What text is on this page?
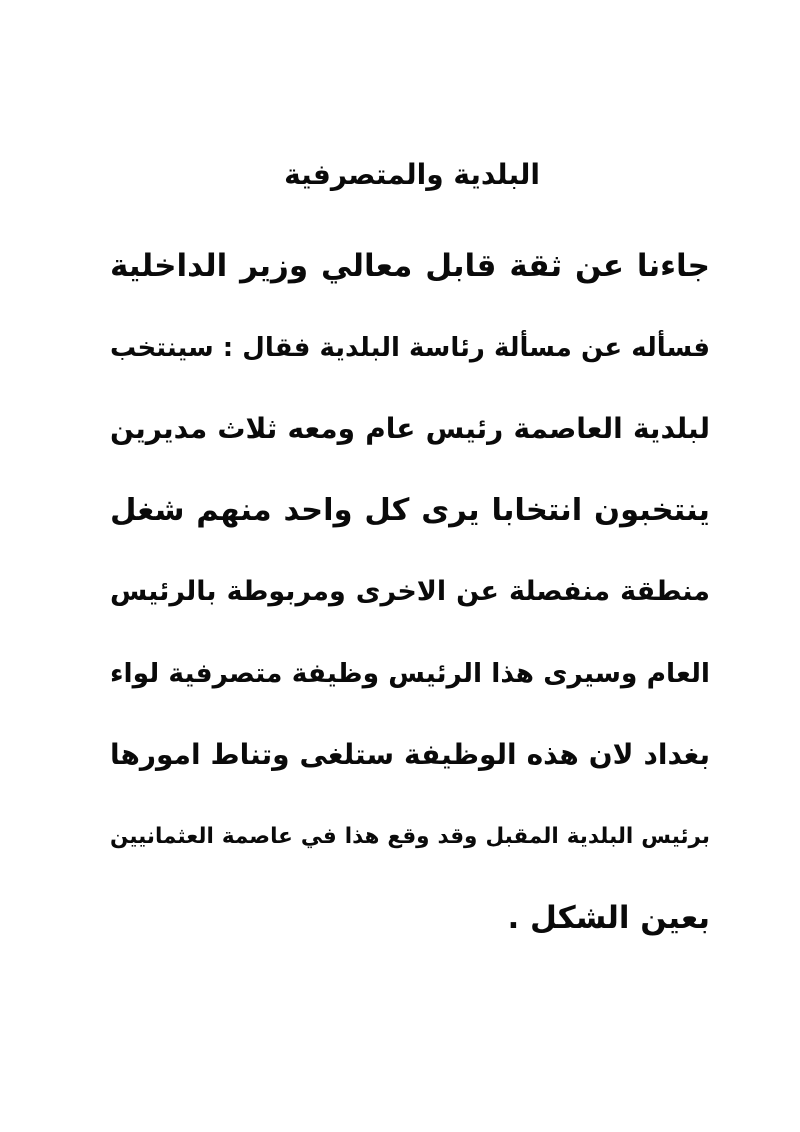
البلدية والمتصرفية
جاءنا عن ثقة قابل معالي وزير الداخلية
فسأله عن مسألة رئاسة البلدية فقال : سينتخب
لبلدية العاصمة رئيس عام ومعه ثلاث مديرين
ينتخبون انتخابا يرى كل واحد منهم شغل
منطقة منفصلة عن الاخرى ومربوطة بالرئيس
العام وسيرى هذا الرئيس وظيفة متصرفية لواء
بغداد لان هذه الوظيفة ستلغى وتناط امورها
برئيس البلدية المقبل وقد وقع هذا في عاصمة العثمانيين
بعين الشكل .
